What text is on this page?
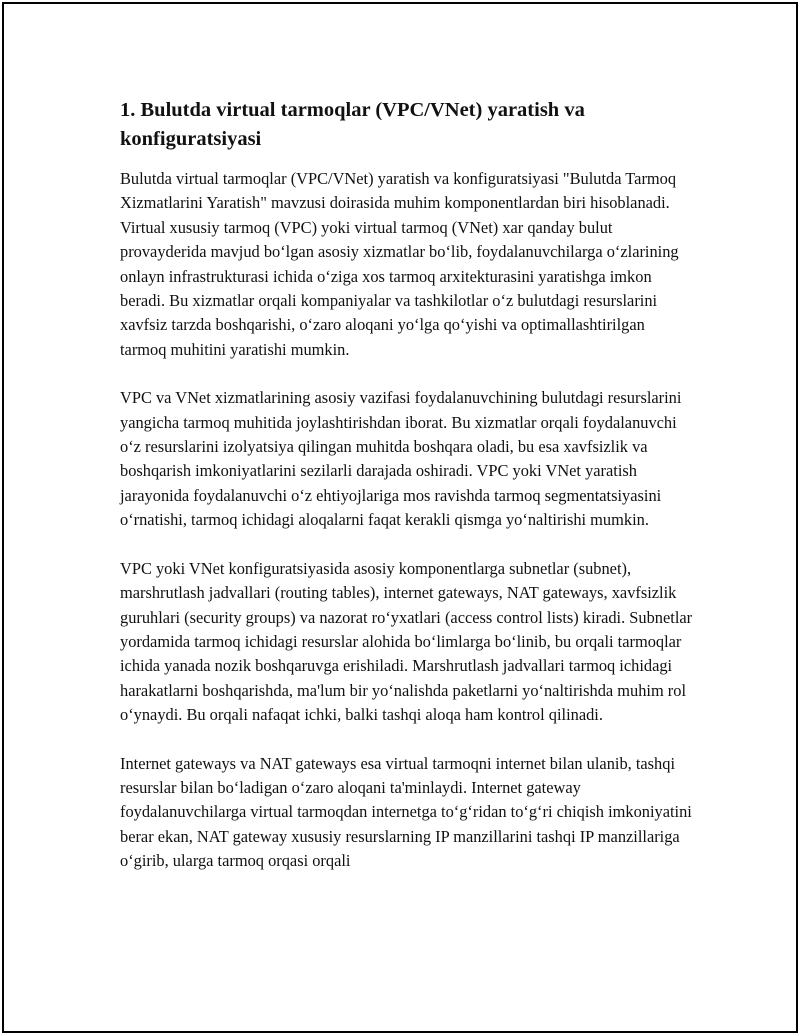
1. Bulutda virtual tarmoqlar (VPC/VNet) yaratish va konfiguratsiyasi

Bulutda virtual tarmoqlar (VPC/VNet) yaratish va konfiguratsiyasi "Bulutda Tarmoq Xizmatlarini Yaratish" mavzusi doirasida muhim komponentlardan biri hisoblanadi. Virtual xususiy tarmoq (VPC) yoki virtual tarmoq (VNet) xar qanday bulut provayderida mavjud bo‘lgan asosiy xizmatlar bo‘lib, foydalanuvchilarga o‘zlarining onlayn infrastrukturasi ichida o‘ziga xos tarmoq arxitekturasini yaratishga imkon beradi. Bu xizmatlar orqali kompaniyalar va tashkilotlar o‘z bulutdagi resurslarini xavfsiz tarzda boshqarishi, o‘zaro aloqani yo‘lga qo‘yishi va optimallashtirilgan tarmoq muhitini yaratishi mumkin.

VPC va VNet xizmatlarining asosiy vazifasi foydalanuvchining bulutdagi resurslarini yangicha tarmoq muhitida joylashtirishdan iborat. Bu xizmatlar orqali foydalanuvchi o‘z resurslarini izolyatsiya qilingan muhitda boshqara oladi, bu esa xavfsizlik va boshqarish imkoniyatlarini sezilarli darajada oshiradi. VPC yoki VNet yaratish jarayonida foydalanuvchi o‘z ehtiyojlariga mos ravishda tarmoq segmentatsiyasini o‘rnatishi, tarmoq ichidagi aloqalarni faqat kerakli qismga yo‘naltirishi mumkin.

VPC yoki VNet konfiguratsiyasida asosiy komponentlarga subnetlar (subnet), marshrutlash jadvallari (routing tables), internet gateways, NAT gateways, xavfsizlik guruhlari (security groups) va nazorat ro‘yxatlari (access control lists) kiradi. Subnetlar yordamida tarmoq ichidagi resurslar alohida bo‘limlarga bo‘linib, bu orqali tarmoqlar ichida yanada nozik boshqaruvga erishiladi. Marshrutlash jadvallari tarmoq ichidagi harakatlarni boshqarishda, ma'lum bir yo‘nalishda paketlarni yo‘naltirishda muhim rol o‘ynaydi. Bu orqali nafaqat ichki, balki tashqi aloqa ham kontrol qilinadi.

Internet gateways va NAT gateways esa virtual tarmoqni internet bilan ulanib, tashqi resurslar bilan bo‘ladigan o‘zaro aloqani ta'minlaydi. Internet gateway foydalanuvchilarga virtual tarmoqdan internetga to‘g‘ridan to‘g‘ri chiqish imkoniyatini berar ekan, NAT gateway xususiy resurslarning IP manzillarini tashqi IP manzillariga o‘girib, ularga tarmoq orqasi orqali
